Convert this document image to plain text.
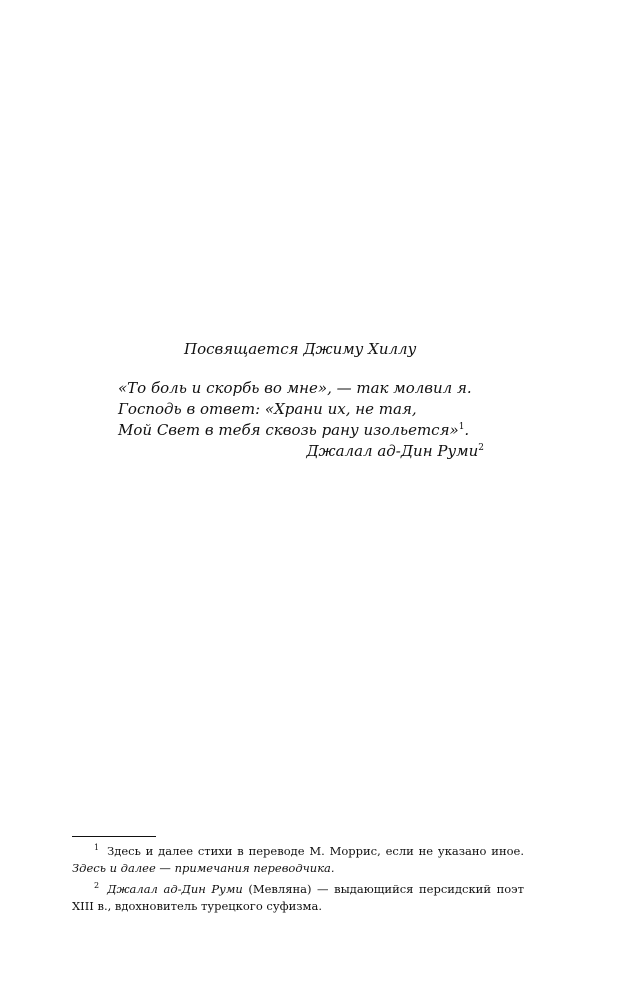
Посвящается Джиму Хиллу
«То боль и скорбь во мне», — так молвил я.
Господь в ответ: «Храни их, не тая,
Мой Свет в тебя сквозь рану изольется»$^1$.
Джалал ад-Дин Руми$^2$

$^1$ Здесь и далее стихи в переводе М. Моррис, если не указано иное. Здесь и далее — примечания переводчика.

$^2$ Джалал ад-Дин Руми (Мевляна) — выдающийся персидский поэт XIII в., вдохновитель турецкого суфизма.
